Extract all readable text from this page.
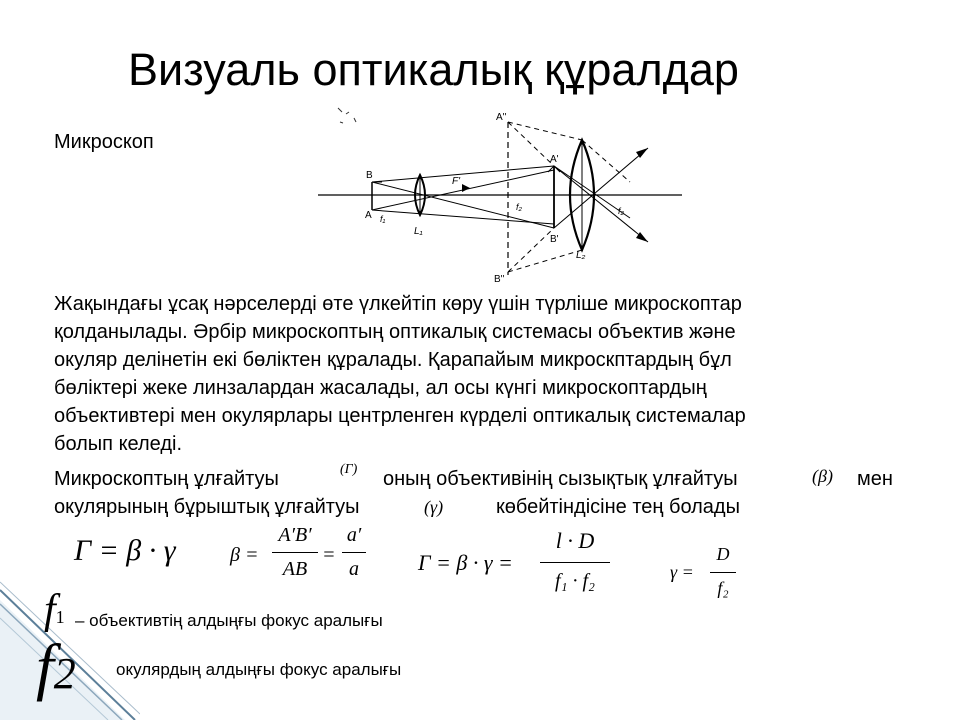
Визуаль оптикалық құралдар
Микроскоп
A''
B
A f₁
L₁
F'
A'
f₂
B'
f₂
L₂
B''
Жақындағы ұсақ нәрселерді өте үлкейтіп көру үшін түрліше микроскоптар
қолданылады. Әрбір микроскоптың оптикалық системасы объектив және
окуляр делінетін екі бөліктен құралады. Қарапайым микроскптардың бұл
бөліктері жеке линзалардан жасалады, ал осы күнгі микроскоптардың
объективтері мен окулярлары центрленген күрделі оптикалық системалар
болып келеді.
Микроскоптың ұлғайтуы	(Γ) оның объективінің сызықтық ұлғайтуы	(β) мен
окулярының бұрыштық ұлғайтуы	(γ)	көбейтіндісіне тең болады
Γ = β · γ	β =
A′B′
AB
=
a′
a	Γ = β · γ =
l · D
f₁ · f₂	γ =
D
f₂
f1 – объективтің алдыңғы фокус аралығы
f2 окулярдың алдыңғы фокус аралығы
